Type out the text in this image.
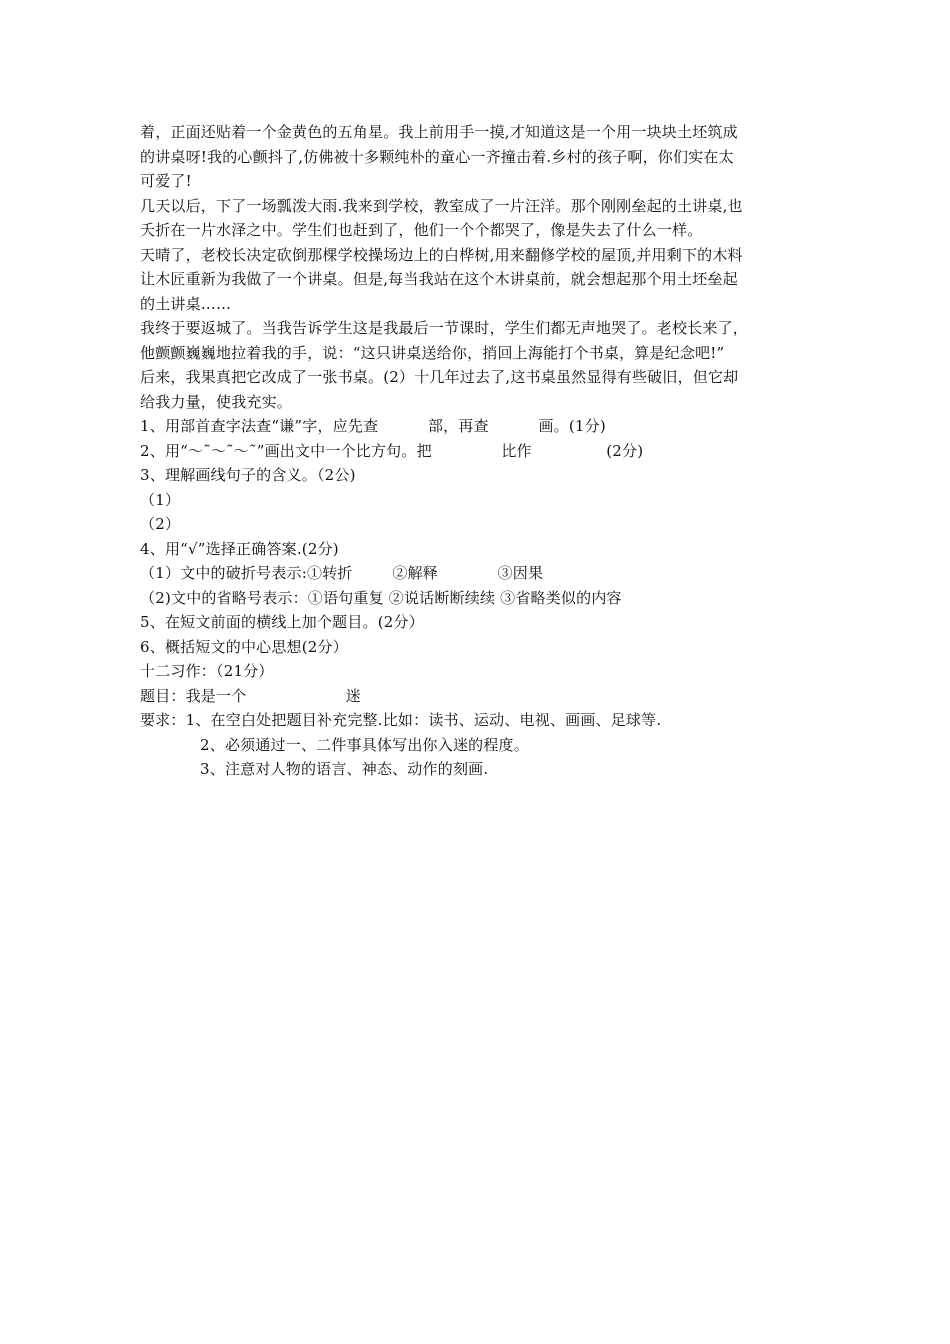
着，正面还贴着一个金黄色的五角星。我上前用手一摸,才知道这是一个用一块块土坯筑成
的讲桌呀!我的心颤抖了,仿佛被十多颗纯朴的童心一齐撞击着.乡村的孩子啊，你们实在太
可爱了!
几天以后，下了一场瓢泼大雨.我来到学校，教室成了一片汪洋。那个刚刚垒起的土讲桌,也
夭折在一片水泽之中。学生们也赶到了，他们一个个都哭了，像是失去了什么一样。
天晴了，老校长决定砍倒那棵学校操场边上的白桦树,用来翻修学校的屋顶,并用剩下的木料
让木匠重新为我做了一个讲桌。但是,每当我站在这个木讲桌前，就会想起那个用土坯垒起
的土讲桌……
我终于要返城了。当我告诉学生这是我最后一节课时，学生们都无声地哭了。老校长来了，
他颤颤巍巍地拉着我的手，说：“这只讲桌送给你，捎回上海能打个书桌，算是纪念吧!”
后来，我果真把它改成了一张书桌。(2）十几年过去了,这书桌虽然显得有些破旧，但它却
给我力量，使我充实。
1、用部首查字法查“谦”字，应先查          部，再查          画。(1分)
2、用“～˜～˜～˜”画出文中一个比方句。把              比作               (2分)
3、理解画线句子的含义。（2公)
（1）
（2）
4、用“√”选择正确答案.(2分)
（1）文中的破折号表示:①转折        ②解释            ③因果
（2)文中的省略号表示：①语句重复 ②说话断断续续 ③省略类似的内容
5、在短文前面的横线上加个题目。(2分）
6、概括短文的中心思想(2分）
十二习作：（21分）
题目：我是一个                    迷
要求：1、在空白处把题目补充完整.比如：读书、运动、电视、画画、足球等.
2、必须通过一、二件事具体写出你入迷的程度。
3、注意对人物的语言、神态、动作的刻画.
